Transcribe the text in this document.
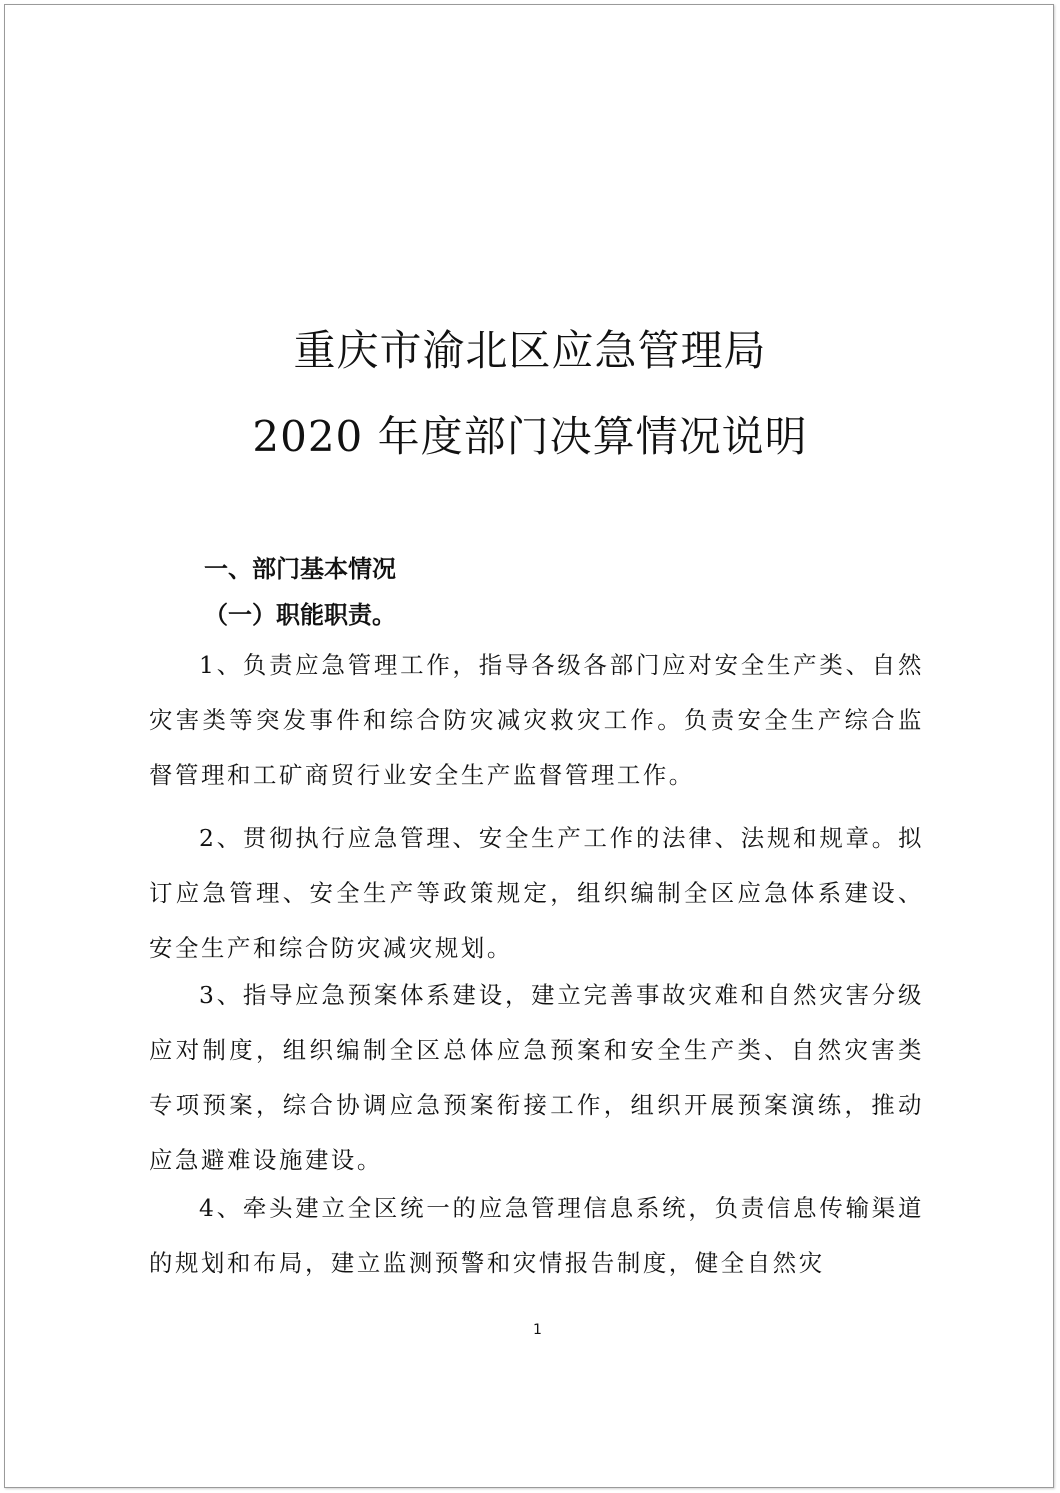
重庆市渝北区应急管理局
2020 年度部门决算情况说明
一、部门基本情况
（一）职能职责。
1、负责应急管理工作，指导各级各部门应对安全生产类、自然灾害类等突发事件和综合防灾减灾救灾工作。负责安全生产综合监督管理和工矿商贸行业安全生产监督管理工作。
2、贯彻执行应急管理、安全生产工作的法律、法规和规章。拟订应急管理、安全生产等政策规定，组织编制全区应急体系建设、安全生产和综合防灾减灾规划。
3、指导应急预案体系建设，建立完善事故灾难和自然灾害分级应对制度，组织编制全区总体应急预案和安全生产类、自然灾害类专项预案，综合协调应急预案衔接工作，组织开展预案演练，推动应急避难设施建设。
4、牵头建立全区统一的应急管理信息系统，负责信息传输渠道的规划和布局，建立监测预警和灾情报告制度，健全自然灾
1
